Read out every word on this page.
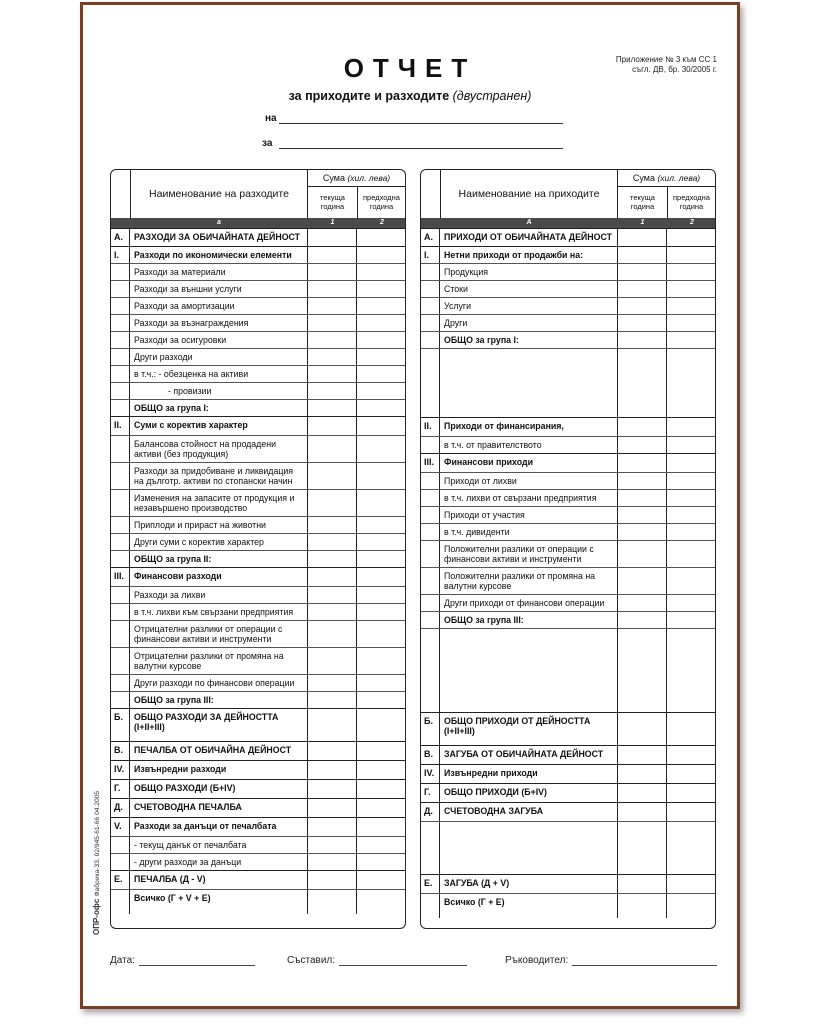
Приложение № 3 към СС 1
съгл. ДВ, бр. 30/2005 г.
ОТЧЕТ
за приходите и разходите (двустранен)
на
за
Наименование на разходите
Сума (хил. лева)
текуща година
предходна година
а	1	2
А.	РАЗХОДИ ЗА ОБИЧАЙНАТА ДЕЙНОСТ
I.	Разходи по икономически елементи
Разходи за материали
Разходи за външни услуги
Разходи за амортизации
Разходи за възнаграждения
Разходи за осигуровки
Други разходи
в т.ч.: - обезценка на активи
- провизии
ОБЩО за група I:
II.	Суми с коректив характер
Балансова стойност на продадени активи (без продукция)
Разходи за придобиване и ликвидация на дълготр. активи по стопански начин
Изменения на запасите от продукция и незавършено производство
Приплоди и прираст на животни
Други суми с коректив характер
ОБЩО за група II:
III.	Финансови разходи
Разходи за лихви
в т.ч. лихви към свързани предприятия
Отрицателни разлики от операции с финансови активи и инструменти
Отрицателни разлики от промяна на валутни курсове
Други разходи по финансови операции
ОБЩО за група III:
Б.	ОБЩО РАЗХОДИ ЗА ДЕЙНОСТТА (I+II+III)
В.	ПЕЧАЛБА ОТ ОБИЧАЙНА ДЕЙНОСТ
IV.	Извънредни разходи
Г.	ОБЩО РАЗХОДИ (Б+IV)
Д.	СЧЕТОВОДНА ПЕЧАЛБА
V.	Разходи за данъци от печалбата
- текущ данък от печалбата
- други разходи за данъци
Е.	ПЕЧАЛБА (Д - V)
Всичко (Г + V + Е)
Наименование на приходите
Сума (хил. лева)
текуща година
предходна година
А	1	2
А.	ПРИХОДИ ОТ ОБИЧАЙНАТА ДЕЙНОСТ
I.	Нетни приходи от продажби на:
Продукция
Стоки
Услуги
Други
ОБЩО за група I:
II.	Приходи от финансирания,
в т.ч. от правителството
III.	Финансови приходи
Приходи от лихви
в т.ч. лихви от свързани предприятия
Приходи от участия
в т.ч. дивиденти
Положителни разлики от операции с финансови активи и инструменти
Положителни разлики от промяна на валутни курсове
Други приходи от финансови операции
ОБЩО за група III:
Б.	ОБЩО ПРИХОДИ ОТ ДЕЙНОСТТА (I+II+III)
В.	ЗАГУБА ОТ ОБИЧАЙНАТА ДЕЙНОСТ
IV.	Извънредни приходи
Г.	ОБЩО ПРИХОДИ (Б+IV)
Д.	СЧЕТОВОДНА ЗАГУБА
Е.	ЗАГУБА (Д + V)
Всичко (Г + Е)
ОПР-офс Фабрика-33, 02/945-61-66 04.2005
Дата:	Съставил:	Ръководител:
